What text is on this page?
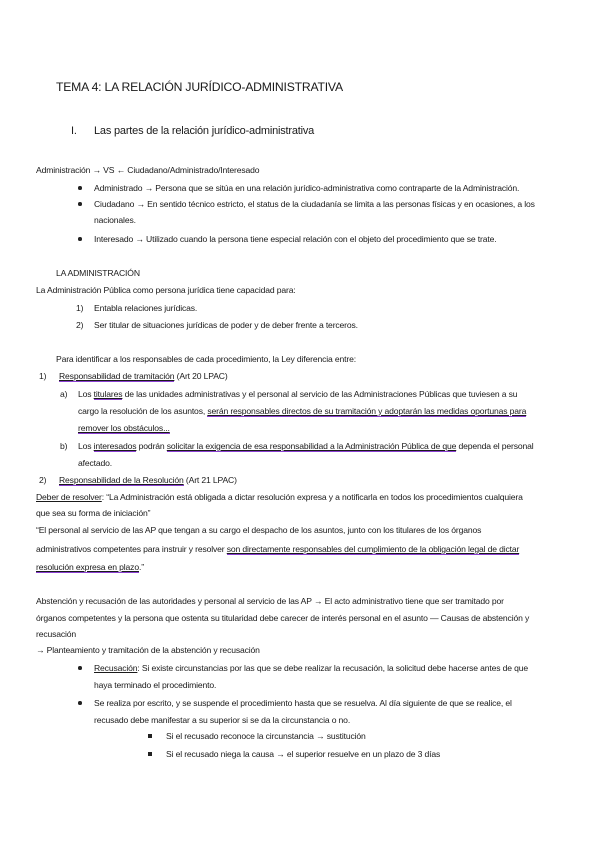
TEMA 4: LA RELACIÓN JURÍDICO-ADMINISTRATIVA
I. Las partes de la relación jurídico-administrativa
Administración → VS ← Ciudadano/Administrado/Interesado
Administrado → Persona que se sitúa en una relación jurídico-administrativa como contraparte de la Administración.
Ciudadano → En sentido técnico estricto, el status de la ciudadanía se limita a las personas físicas y en ocasiones, a los
nacionales.
Interesado → Utilizado cuando la persona tiene especial relación con el objeto del procedimiento que se trate.
LA ADMINISTRACIÓN
La Administración Pública como persona jurídica tiene capacidad para:
1) Entabla relaciones jurídicas.
2) Ser titular de situaciones jurídicas de poder y de deber frente a terceros.
Para identificar a los responsables de cada procedimiento, la Ley diferencia entre:
1) Responsabilidad de tramitación (Art 20 LPAC)
a) Los titulares de las unidades administrativas y el personal al servicio de las Administraciones Públicas que tuviesen a su
cargo la resolución de los asuntos, serán responsables directos de su tramitación y adoptarán las medidas oportunas para
remover los obstáculos...
b) Los interesados podrán solicitar la exigencia de esa responsabilidad a la Administración Pública de que dependa el personal
afectado.
2) Responsabilidad de la Resolución (Art 21 LPAC)
Deber de resolver: “La Administración está obligada a dictar resolución expresa y a notificarla en todos los procedimientos cualquiera
que sea su forma de iniciación”
“El personal al servicio de las AP que tengan a su cargo el despacho de los asuntos, junto con los titulares de los órganos
administrativos competentes para instruir y resolver son directamente responsables del cumplimiento de la obligación legal de dictar
resolución expresa en plazo.”
Abstención y recusación de las autoridades y personal al servicio de las AP → El acto administrativo tiene que ser tramitado por
órganos competentes y la persona que ostenta su titularidad debe carecer de interés personal en el asunto — Causas de abstención y
recusación
→ Planteamiento y tramitación de la abstención y recusación
Recusación: Si existe circunstancias por las que se debe realizar la recusación, la solicitud debe hacerse antes de que
haya terminado el procedimiento.
Se realiza por escrito, y se suspende el procedimiento hasta que se resuelva. Al día siguiente de que se realice, el
recusado debe manifestar a su superior si se da la circunstancia o no.
Si el recusado reconoce la circunstancia → sustitución
Si el recusado niega la causa → el superior resuelve en un plazo de 3 días
